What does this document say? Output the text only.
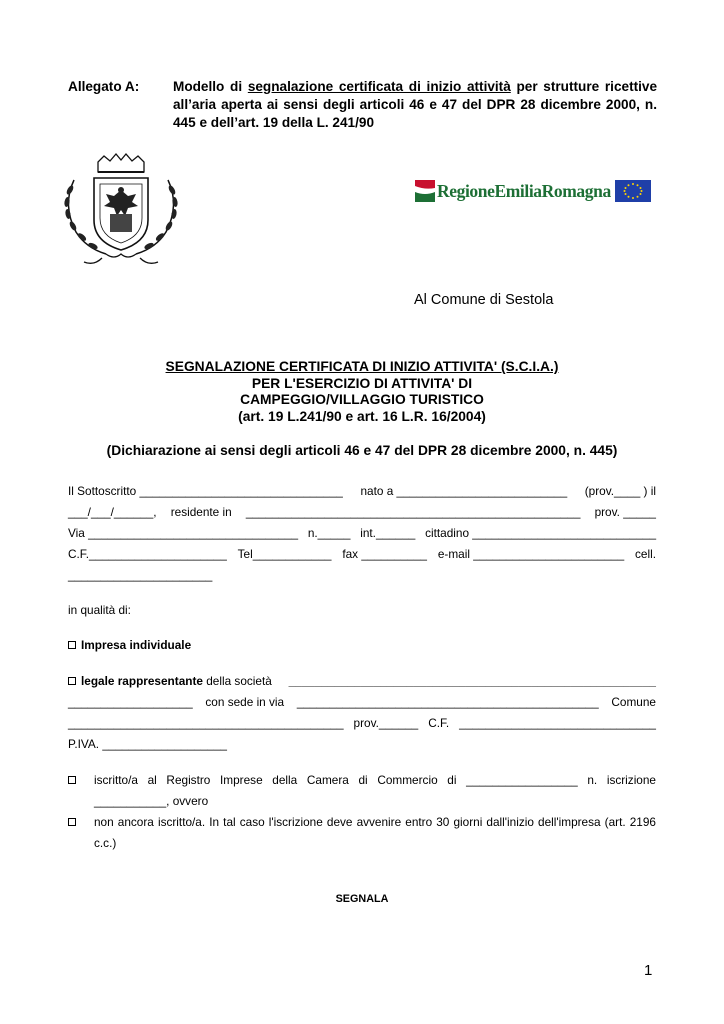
Allegato A: Modello di segnalazione certificata di inizio attività per strutture ricettive all’aria aperta ai sensi degli articoli 46 e 47 del DPR 28 dicembre 2000, n. 445 e dell’art. 19 della L. 241/90
RegioneEmiliaRomagna
Al Comune di Sestola
SEGNALAZIONE CERTIFICATA DI INIZIO ATTIVITA' (S.C.I.A.)
PER L'ESERCIZIO DI ATTIVITA' DI
CAMPEGGIO/VILLAGGIO TURISTICO
(art. 19 L.241/90 e art. 16 L.R. 16/2004)
(Dichiarazione ai sensi degli articoli 46 e 47 del DPR 28 dicembre 2000, n. 445)
Il Sottoscritto _______________________________ nato a __________________________ (prov.____ ) il
___/___/______, residente in ___________________________________________________ prov. _____
Via ________________________________ n._____ int.______ cittadino ____________________________
C.F._____________________ Tel____________ fax __________ e-mail _______________________ cell.
______________________
in qualità di:
Impresa individuale
legale rappresentante della società ________________________________________________________
___________________ con sede in via ______________________________________________ Comune
__________________________________________ prov.______ C.F. ______________________________
P.IVA. ___________________
iscritto/a al Registro Imprese della Camera di Commercio di _________________ n. iscrizione ___________, ovvero
non ancora iscritto/a. In tal caso l'iscrizione deve avvenire entro 30 giorni dall'inizio dell'impresa (art. 2196 c.c.)
SEGNALA
1
